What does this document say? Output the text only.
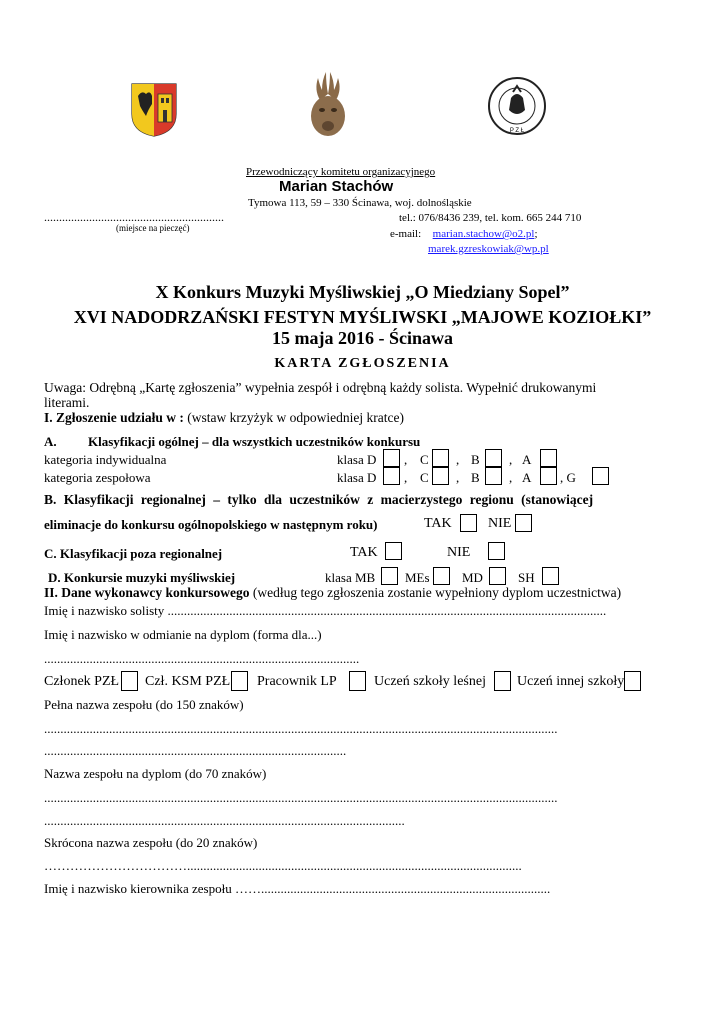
P Z Ł
Przewodniczący komitetu organizacyjnego
Marian Stachów
Tymowa 113, 59 – 330 Ścinawa, woj. dolnośląskie
............................................................
(miejsce na pieczęć)
tel.: 076/8436 239, tel. kom. 665 244 710
e-mail: marian.stachow@o2.pl;
marek.gzreskowiak@wp.pl
X Konkurs Muzyki Myśliwskiej „O Miedziany Sopel”
XVI NADODRZAŃSKI FESTYN MYŚLIWSKI „MAJOWE KOZIOŁKI”
15 maja 2016 - Ścinawa
KARTA ZGŁOSZENIA
Uwaga: Odrębną „Kartę zgłoszenia” wypełnia zespół i odrębną każdy solista. Wypełnić drukowanymi
literami.
I. Zgłoszenie udziału w : (wstaw krzyżyk w odpowiedniej kratce)
A. Klasyfikacji ogólnej – dla wszystkich uczestników konkursu
kategoria indywidualna	klasa D , C , B , A
kategoria zespołowa	klasa D , C , B , A , G
B. Klasyfikacji regionalnej – tylko dla uczestników z macierzystego regionu (stanowiącej
eliminacje do konkursu ogólnopolskiego w następnym roku)	TAK	NIE
C. Klasyfikacji poza regionalnej	TAK	NIE
D. Konkursie muzyki myśliwskiej	klasa MB MEs MD	SH
II. Dane wykonawcy konkursowego (według tego zgłoszenia zostanie wypełniony dyplom uczestnictwa)
Imię i nazwisko solisty .......................................................................................................................................
Imię i nazwisko w odmianie na dyplom (forma dla...)
.................................................................................................
Członek PZŁ Czł. KSM PZŁ Pracownik LP	Uczeń szkoły leśnej Uczeń innej szkoły
Pełna nazwa zespołu (do 150 znaków)
..............................................................................................................................................................
.............................................................................................
Nazwa zespołu na dyplom (do 70 znaków)
..............................................................................................................................................................
...............................................................................................................
Skrócona nazwa zespołu (do 20 znaków)
…………………………….......................................................................................................
Imię i nazwisko kierownika zespołu …….........................................................................................
